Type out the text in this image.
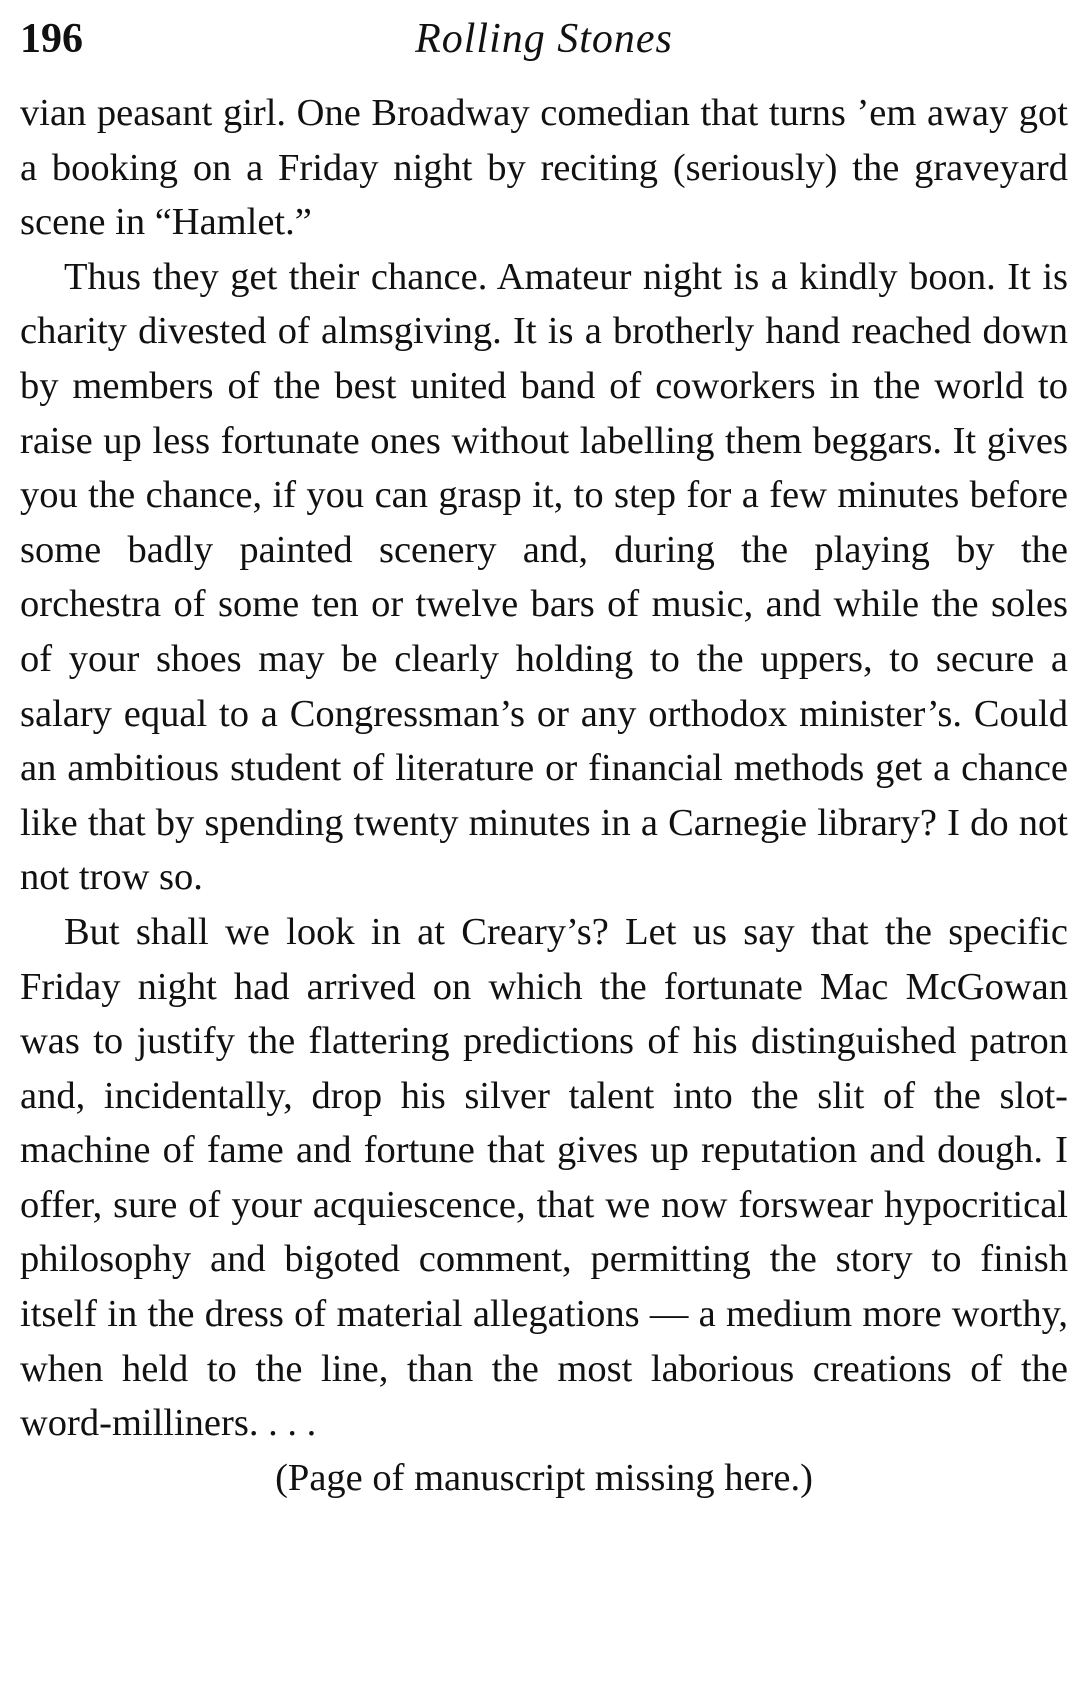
196	Rolling Stones

vian peasant girl. One Broadway comedian that turns ’em away got a booking on a Friday night by reciting (seriously) the graveyard scene in “Hamlet.”

Thus they get their chance. Amateur night is a kindly boon. It is charity divested of almsgiving. It is a brotherly hand reached down by members of the best united band of coworkers in the world to raise up less fortunate ones without labelling them beggars. It gives you the chance, if you can grasp it, to step for a few minutes before some badly painted scenery and, during the playing by the orchestra of some ten or twelve bars of music, and while the soles of your shoes may be clearly holding to the uppers, to secure a salary equal to a Congressman’s or any orthodox minister’s. Could an ambitious student of literature or financial methods get a chance like that by spending twenty minutes in a Carnegie library? I do not not trow so.

But shall we look in at Creary’s? Let us say that the specific Friday night had arrived on which the fortunate Mac McGowan was to justify the flattering predictions of his distinguished patron and, incidentally, drop his silver talent into the slit of the slot-machine of fame and fortune that gives up reputation and dough. I offer, sure of your acquiescence, that we now forswear hypocritical philosophy and bigoted comment, permitting the story to finish itself in the dress of material allegations — a medium more worthy, when held to the line, than the most laborious creations of the word-milliners. . . .

(Page of manuscript missing here.)
